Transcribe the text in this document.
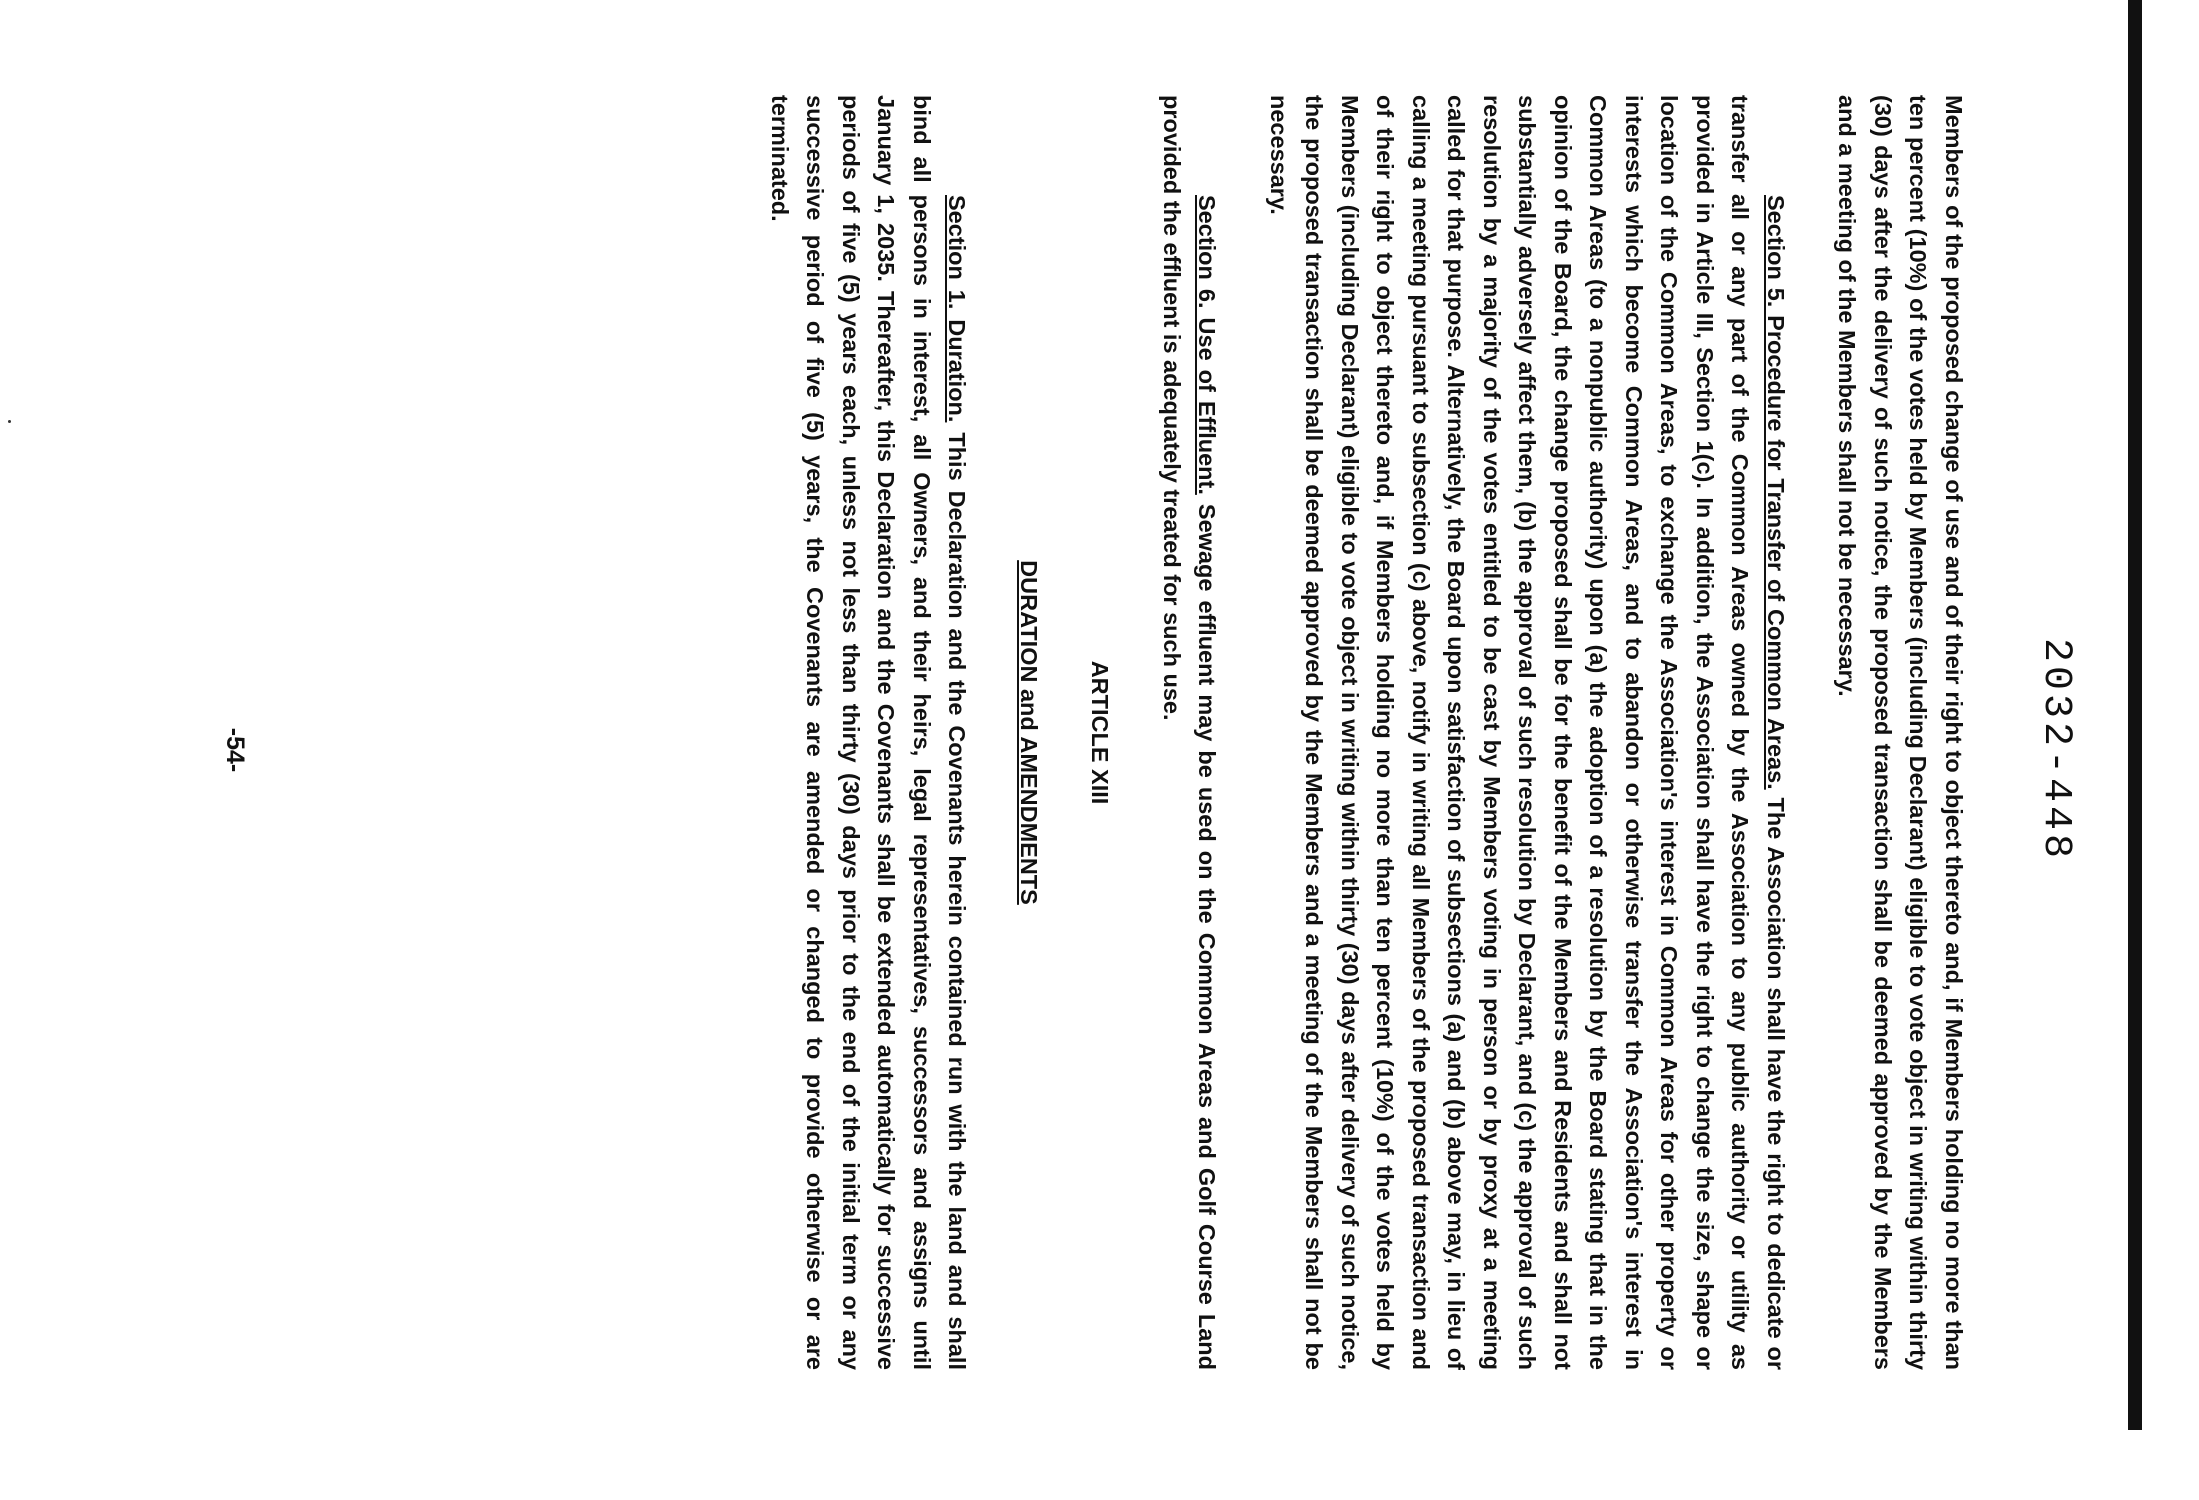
2032-448

Members of the proposed change of use and of their right to object thereto and, if Members holding no more than ten percent (10%) of the votes held by Members (including Declarant) eligible to vote object in writing within thirty (30) days after the delivery of such notice, the proposed transaction shall be deemed approved by the Members and a meeting of the Members shall not be necessary.

Section 5. Procedure for Transfer of Common Areas. The Association shall have the right to dedicate or transfer all or any part of the Common Areas owned by the Association to any public authority or utility as provided in Article III, Section 1(c). In addition, the Association shall have the right to change the size, shape or location of the Common Areas, to exchange the Association's interest in Common Areas for other property or interests which become Common Areas, and to abandon or otherwise transfer the Association's interest in Common Areas (to a nonpublic authority) upon (a) the adoption of a resolution by the Board stating that in the opinion of the Board, the change proposed shall be for the benefit of the Members and Residents and shall not substantially adversely affect them, (b) the approval of such resolution by Declarant, and (c) the approval of such resolution by a majority of the votes entitled to be cast by Members voting in person or by proxy at a meeting called for that purpose. Alternatively, the Board upon satisfaction of subsections (a) and (b) above may, in lieu of calling a meeting pursuant to subsection (c) above, notify in writing all Members of the proposed transaction and of their right to object thereto and, if Members holding no more than ten percent (10%) of the votes held by Members (including Declarant) eligible to vote object in writing within thirty (30) days after delivery of such notice, the proposed transaction shall be deemed approved by the Members and a meeting of the Members shall not be necessary.

Section 6. Use of Effluent. Sewage effluent may be used on the Common Areas and Golf Course Land provided the effluent is adequately treated for such use.

ARTICLE XIII

DURATION and AMENDMENTS

Section 1. Duration. This Declaration and the Covenants herein contained run with the land and shall bind all persons in interest, all Owners, and their heirs, legal representatives, successors and assigns until January 1, 2035. Thereafter, this Declaration and the Covenants shall be extended automatically for successive periods of five (5) years each, unless not less than thirty (30) days prior to the end of the initial term or any successive period of five (5) years, the Covenants are amended or changed to provide otherwise or are terminated.

-54-
